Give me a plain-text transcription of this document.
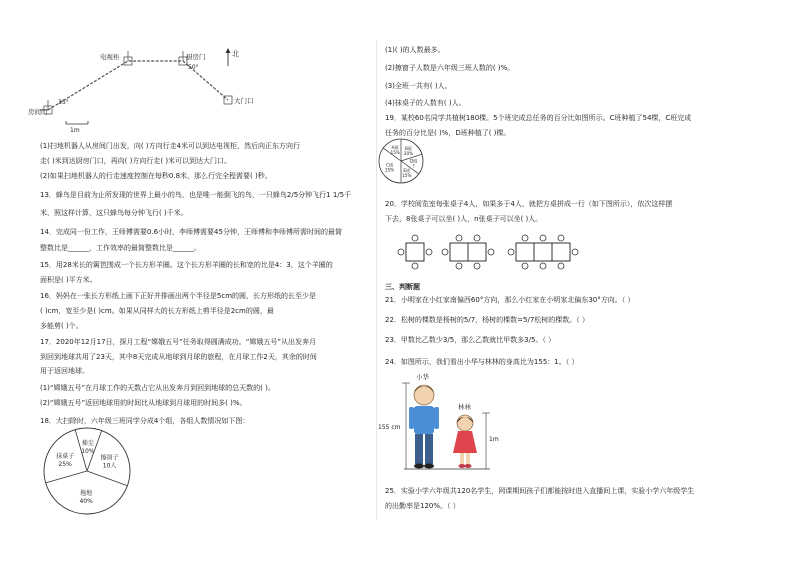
北
电视柜	厨房门
房间门
大门口
50°
35°
1m
(1)扫地机器人从房间门出发，向( )方向行走4米可以到达电视柜，然后向正东方向行
走( )米到达厨房门口，再向( )方向行走( )米可以到达大门口。
(2)如果扫地机器人的行走速度控制在每秒0.8米，那么行完全程需要( )秒。
13．蜂鸟是目前为止所发现的世界上最小的鸟，也是唯一能倒飞的鸟，一只蜂鸟2/5分钟飞行1 1/5千
米，照这样计算，这只蜂鸟每分钟飞行( )千米。
14．完成同一份工作，王师傅需要0.6小时，李师傅需要45分钟，王师傅和李师傅所需时间的最简
整数比是______，工作效率的最简整数比是______。
15．用28米长的篱笆围成一个长方形羊圈。这个长方形羊圈的长和宽的比是4：3，这个羊圈的
面积是( )平方米。
16．妈妈在一张长方形纸上画下正好并排画出两个半径是5cm的圆，长方形纸的长至少是
( )cm，宽至少是( )cm。如果从同样大的长方形纸上剪半径是2cm的圆，最
多能剪( )个。
17．2020年12月17日，探月工程“嫦娥五号”任务取得圆满成功。“嫦娥五号”从出发奔月
到回到地球共用了23天，其中8天完成从地球到月球的旅程，在月球工作2天，其余的时间
用于返回地球。
(1)“嫦娥五号”在月球工作的天数占它从出发奔月到回到地球的总天数的( )。
(2)“嫦娥五号”返回地球用的时间比从地球到月球用的时间多( )%。
18．大扫除时，六年级三班同学分成4个组，各组人数情况如下图：
擦窗子
10人
拖地
40%
抹桌子
25%
掸尘
10%
(1)( )的人数最多。
(2)擦窗子人数是六年级三班人数的( )%。
(3)全班一共有( )人。
(4)抹桌子的人数有( )人。
19．某校60名同学共植树180棵。5个班完成总任务的百分比如图所示。C班种植了54棵，C班完成
任务的百分比是( )%，D班种植了( )棵。
20．学校阅览室每张桌子4人，如果多于4人，就把方桌拼成一行（如下图所示），依次这样摆
下去，8张桌子可以坐( )人，n张桌子可以坐( )人。
三、判断题
21．小明家在小红家南偏西60°方向，那么小红家在小明家北偏东30°方向。（ ）
22．松树的棵数是杨树的5/7，杨树的棵数=5/7松树的棵数。（ ）
23．甲数比乙数少3/5，那么乙数就比甲数多3/5。（ ）
24．如图所示，我们看出小华与林林的身高比为155：1。（ ）
25．实验小学六年级共120名学生，网课期间孩子们都能按时进入直播间上课，实验小学六年级学生
的出勤率是120%。（ ）
A班
15%
B班
20%
D班
?
E班
15%
C班
25%
小华
林林
155 cm
1m
